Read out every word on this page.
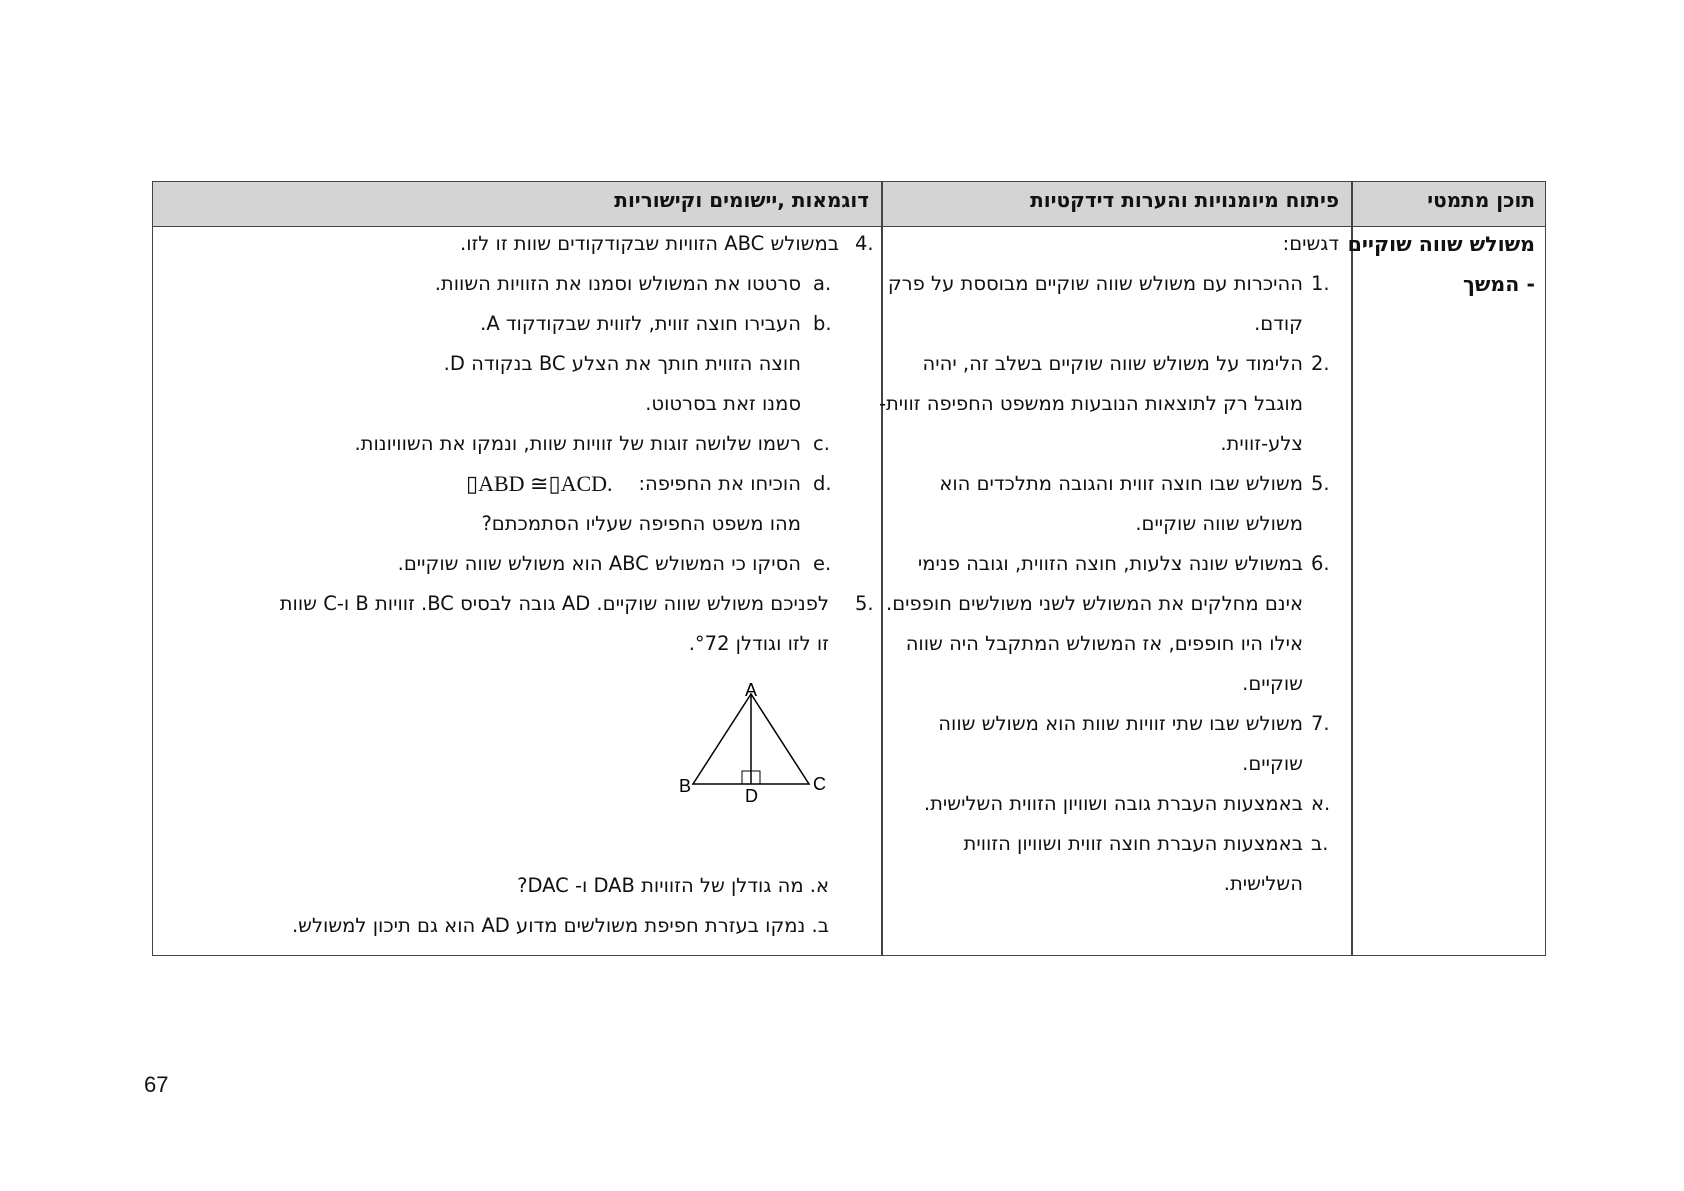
תוכן מתמטי
פיתוח מיומנויות והערות דידקטיות
דוגמאות ,יישומים וקישוריות
משולש שווה שוקיים
- המשך
דגשים:
1.
ההיכרות עם משולש שווה שוקיים מבוססת על פרק
קודם.
2.
הלימוד על משולש שווה שוקיים בשלב זה, יהיה
מוגבל רק לתוצאות הנובעות ממשפט החפיפה זווית-
צלע-זווית.
5.
משולש שבו חוצה זווית והגובה מתלכדים הוא
משולש שווה שוקיים.
6.
במשולש שונה צלעות, חוצה הזווית, וגובה פנימי
אינם מחלקים את המשולש לשני משולשים חופפים.
אילו היו חופפים, אז המשולש המתקבל היה שווה
שוקיים.
7.
משולש שבו שתי זוויות שוות הוא משולש שווה
שוקיים.
א.
באמצעות העברת גובה ושוויון הזווית השלישית.
ב.
באמצעות העברת חוצה זווית ושוויון הזווית
השלישית.
4.
במשולש ABC הזוויות שבקודקודים שוות זו לזו.
a.
סרטטו את המשולש וסמנו את הזוויות השוות.
b.
העבירו חוצה זווית, לזווית שבקודקוד A.
חוצה הזווית חותך את הצלע BC בנקודה D.
סמנו זאת בסרטוט.
c.
רשמו שלושה זוגות של זוויות שוות, ונמקו את השוויונות.
d.
הוכיחו את החפיפה:
▯ABD ≅▯ACD.
מהו משפט החפיפה שעליו הסתמכתם?
e.
הסיקו כי המשולש ABC הוא משולש שווה שוקיים.
5.
לפניכם משולש שווה שוקיים. AD גובה לבסיס BC. זוויות B ו-C שוות
זו לזו וגודלן °72.
A
B	C
D
א. מה גודלן של הזוויות DAB ו- DAC?
ב. נמקו בעזרת חפיפת משולשים מדוע AD הוא גם תיכון למשולש.
67
